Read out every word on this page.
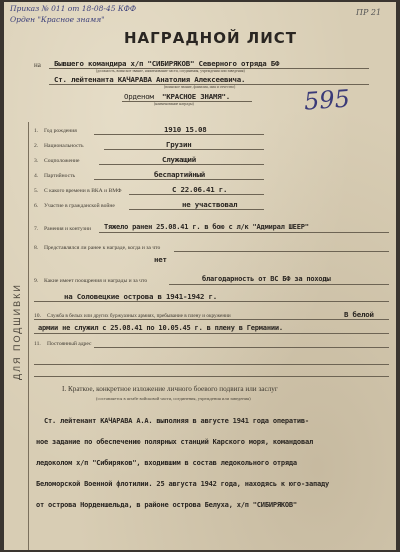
Приказ № 011 от 18-08-45 КФФ
Орден "Красное знамя"
ПР 21
НАГРАДНОЙ ЛИСТ
на Бывшего командира х/п "СИБИРЯКОВ" Северного отряда БФ
(должность, воинское звание, наименование части, соединения, учреждения или заведения)
Ст. лейтенанта КАЧАРАВА Анатолия Алексеевича.
(воинское звание, фамилия, имя и отчество)
Орденом "КРАСНОЕ ЗНАМЯ".
(наименование награды)	595
ДЛЯ ПОДШИВКИ
1. Год рождения	1910 15.08
2. Национальность	Грузин
3. Соцположение	Служащий
4. Партийность	беспартийный
5. С какого времени в ВКА и ВМФ	С 22.06.41 г.
6. Участие в гражданской войне	не участвовал
7. Ранения и контузии Тяжело ранен 25.08.41 г. в бою с л/к "Адмирал ШЕЕР"
8. Представлялся ли ранее к награде, когда и за что
нет
9. Какие имеет поощрения и награды и за что	благодарность от ВС БФ за походы
на Соловецкие острова в 1941-1942 г.
10. Служба в белых или других буржуазных армиях, пребывание в плену и окружении	В белой
армии не служил с 25.08.41 по 10.05.45 г. в плену в Германии.
11. Постоянный адрес
I. Краткое, конкретное изложение личного боевого подвига или заслуг
(составляется в штабе войсковой части, соединения, учреждения или заведения)
Ст. лейтенант КАЧАРАВА А.А. выполняя в августе 1941 года оператив-
ное задание по обеспечению полярных станций Карского моря, командовал
ледоколом х/п "Сибиряков", входившим в состав ледокольного отряда
Беломорской Военной флотилии. 25 августа 1942 года, находясь к юго-западу
от острова Норденшельда, в районе острова Белуха, х/п "СИБИРЯКОВ"
